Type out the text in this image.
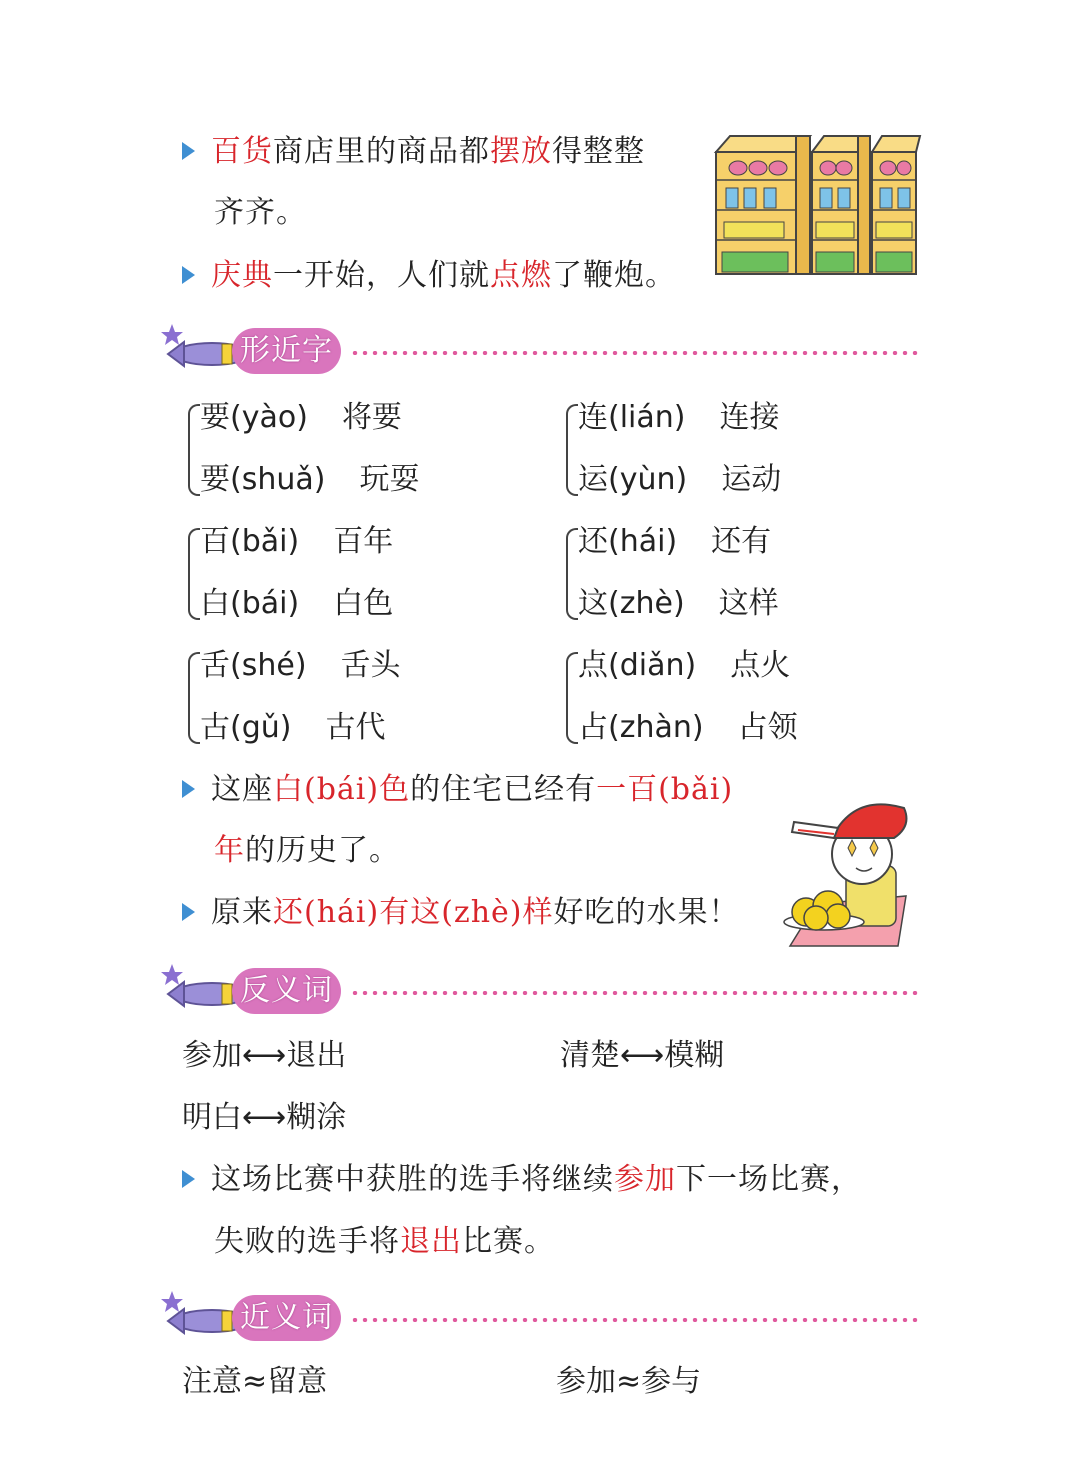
百货商店里的商品都摆放得整整
齐齐。
庆典一开始，人们就点燃了鞭炮。
形近字
要(yào) 将要
要(shuǎ) 玩耍
连(lián) 连接
运(yùn) 运动
百(bǎi) 百年
白(bái) 白色
还(hái) 还有
这(zhè) 这样
舌(shé) 舌头
古(gǔ) 古代
点(diǎn) 点火
占(zhàn) 占领
这座白(bái)色的住宅已经有一百(bǎi)
年的历史了。
原来还(hái)有这(zhè)样好吃的水果！
反义词
参加←→ 退出	清楚←→ 模糊
明白←→ 糊涂
这场比赛中获胜的选手将继续参加下一场比赛，
失败的选手将退出比赛。
近义词
注意≈留意	参加≈参与
